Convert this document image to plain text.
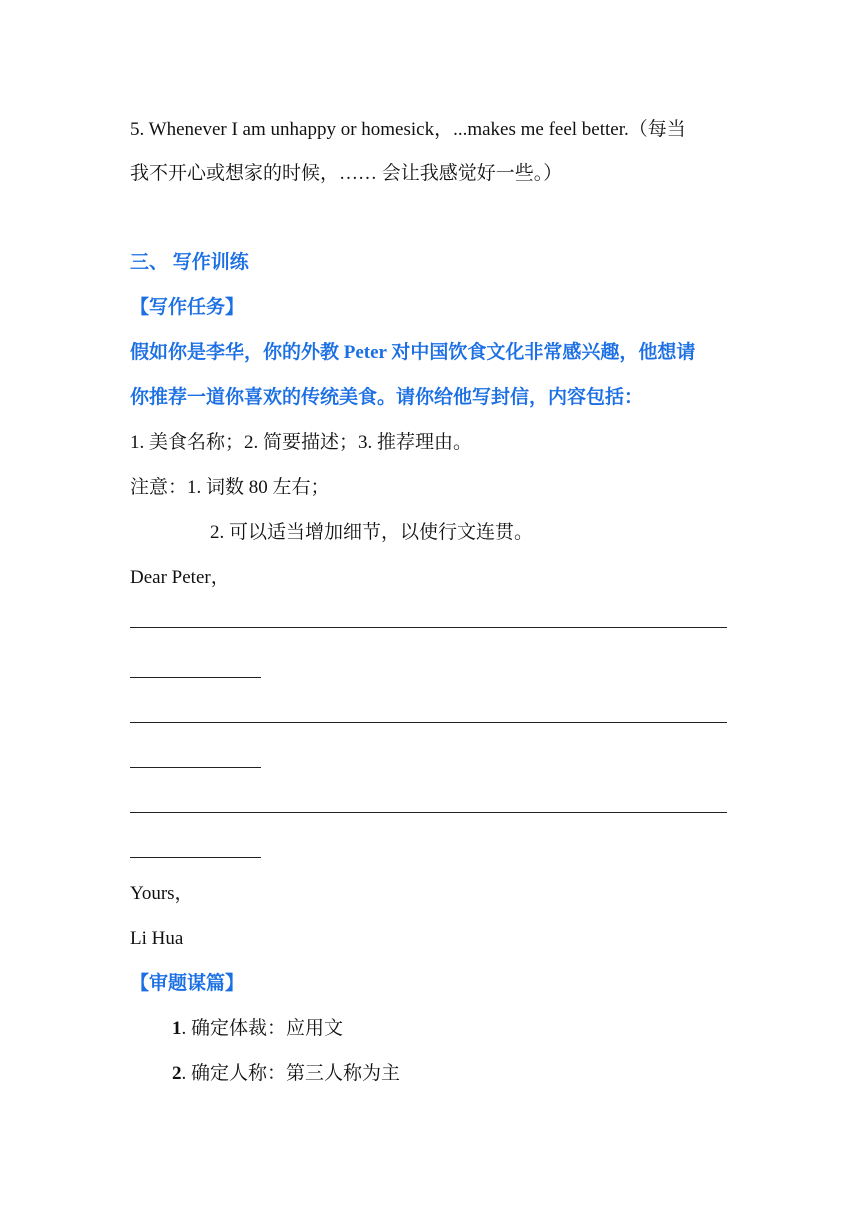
5. Whenever I am unhappy or homesick，...makes me feel better.（每当
我不开心或想家的时候，…… 会让我感觉好一些。）
三、 写作训练
【写作任务】
假如你是李华，你的外教 Peter 对中国饮食文化非常感兴趣，他想请
你推荐一道你喜欢的传统美食。请你给他写封信，内容包括：
1. 美食名称；2. 简要描述；3. 推荐理由。
注意：1. 词数 80 左右；
2. 可以适当增加细节，以使行文连贯。
Dear Peter，
Yours，
Li Hua
【审题谋篇】
1. 确定体裁：应用文
2. 确定人称：第三人称为主
